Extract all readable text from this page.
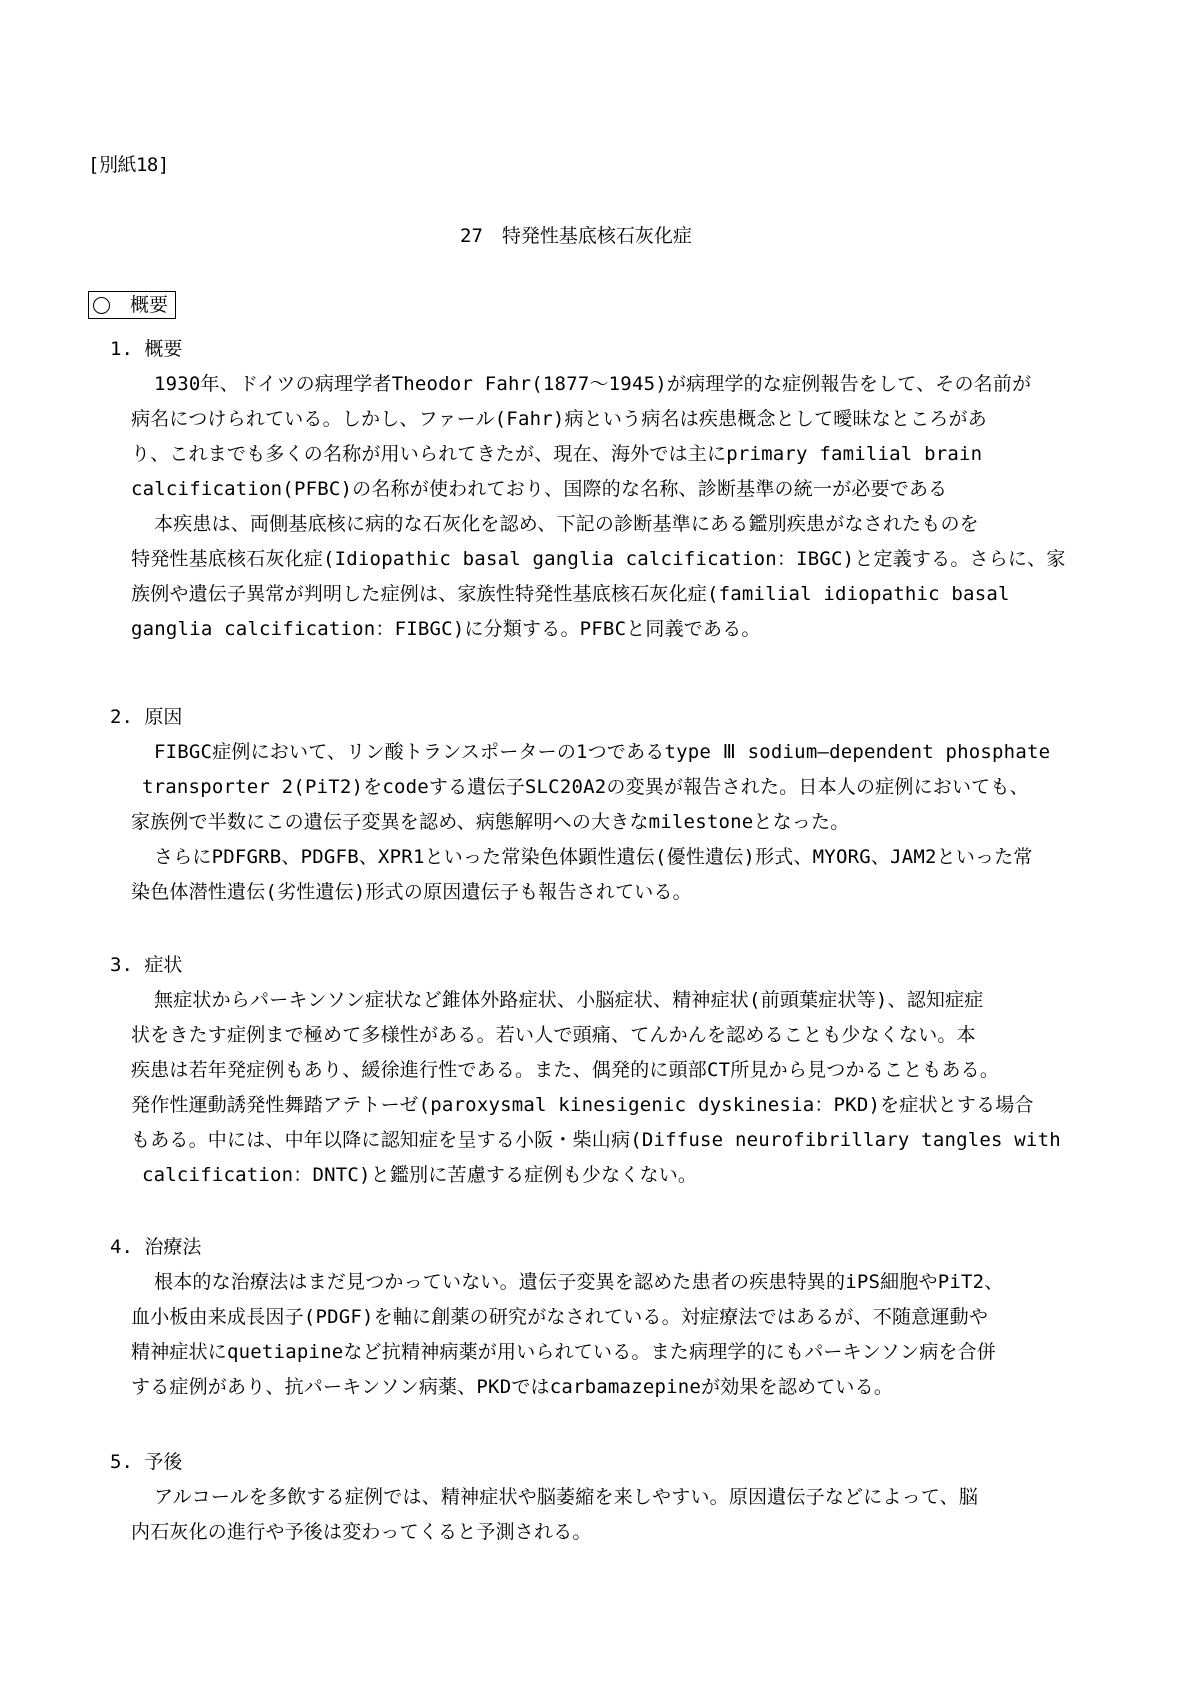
[別紙18]
27　特発性基底核石灰化症
概要
1. 概要
1930年、ドイツの病理学者Theodor Fahr(1877～1945)が病理学的な症例報告をして、その名前が
病名につけられている。しかし、ファール(Fahr)病という病名は疾患概念として曖昧なところがあ
り、これまでも多くの名称が用いられてきたが、現在、海外では主にprimary familial brain
calcification(PFBC)の名称が使われており、国際的な名称、診断基準の統一が必要である
本疾患は、両側基底核に病的な石灰化を認め、下記の診断基準にある鑑別疾患がなされたものを
特発性基底核石灰化症(Idiopathic basal ganglia calcification：IBGC)と定義する。さらに、家
族例や遺伝子異常が判明した症例は、家族性特発性基底核石灰化症(familial idiopathic basal
ganglia calcification：FIBGC)に分類する。PFBCと同義である。
2. 原因
FIBGC症例において、リン酸トランスポーターの1つであるtype Ⅲ sodium―dependent phosphate
transporter 2(PiT2)をcodeする遺伝子SLC20A2の変異が報告された。日本人の症例においても、
家族例で半数にこの遺伝子変異を認め、病態解明への大きなmilestoneとなった。
さらにPDFGRB、PDGFB、XPR1といった常染色体顕性遺伝(優性遺伝)形式、MYORG、JAM2といった常
染色体潜性遺伝(劣性遺伝)形式の原因遺伝子も報告されている。
3. 症状
無症状からパーキンソン症状など錐体外路症状、小脳症状、精神症状(前頭葉症状等)、認知症症
状をきたす症例まで極めて多様性がある。若い人で頭痛、てんかんを認めることも少なくない。本
疾患は若年発症例もあり、緩徐進行性である。また、偶発的に頭部CT所見から見つかることもある。
発作性運動誘発性舞踏アテトーゼ(paroxysmal kinesigenic dyskinesia：PKD)を症状とする場合
もある。中には、中年以降に認知症を呈する小阪・柴山病(Diffuse neurofibrillary tangles with
calcification：DNTC)と鑑別に苦慮する症例も少なくない。
4. 治療法
根本的な治療法はまだ見つかっていない。遺伝子変異を認めた患者の疾患特異的iPS細胞やPiT2、
血小板由来成長因子(PDGF)を軸に創薬の研究がなされている。対症療法ではあるが、不随意運動や
精神症状にquetiapineなど抗精神病薬が用いられている。また病理学的にもパーキンソン病を合併
する症例があり、抗パーキンソン病薬、PKDではcarbamazepineが効果を認めている。
5. 予後
アルコールを多飲する症例では、精神症状や脳萎縮を来しやすい。原因遺伝子などによって、脳
内石灰化の進行や予後は変わってくると予測される。
